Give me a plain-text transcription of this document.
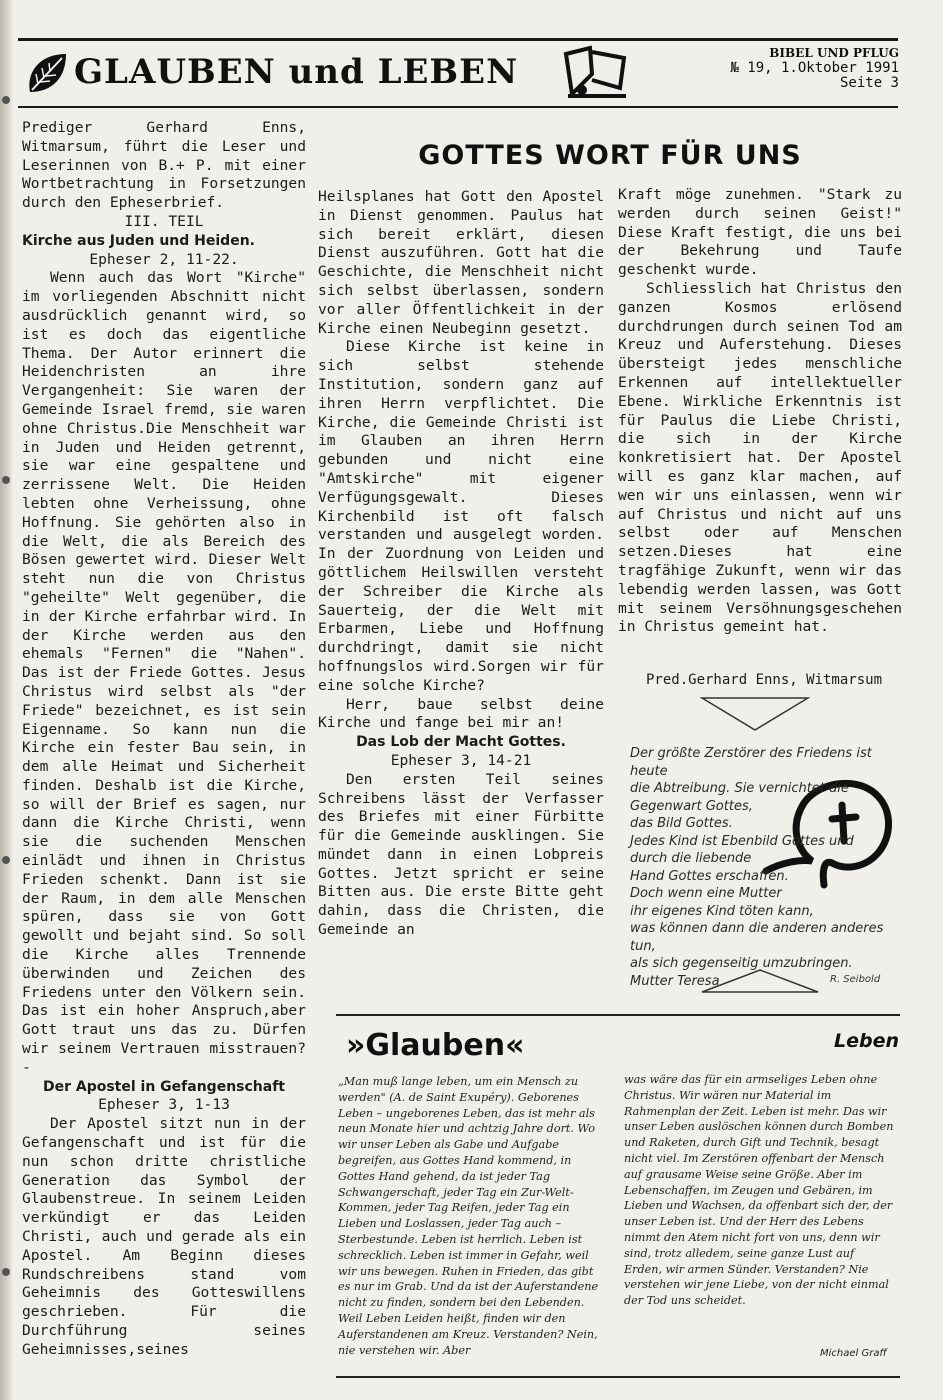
GLAUBEN und LEBEN	BIBEL UND PFLUG
№ 19, 1.Oktober 1991
Seite 3
GOTTES WORT FÜR UNS

Prediger Gerhard Enns, Witmarsum, führt die Leser und Leserinnen von B.+ P. mit einer Wortbetrachtung in Forsetzungen durch den Epheserbrief.

III. TEIL

Kirche aus Juden und Heiden.

Epheser 2, 11-22.

Wenn auch das Wort "Kirche" im vorliegenden Abschnitt nicht ausdrücklich genannt wird, so ist es doch das eigentliche Thema. Der Autor erinnert die Heidenchristen an ihre Vergangenheit: Sie waren der Gemeinde Israel fremd, sie waren ohne Christus.Die Menschheit war in Juden und Heiden getrennt, sie war eine gespaltene und zerrissene Welt. Die Heiden lebten ohne Verheissung, ohne Hoffnung. Sie gehörten also in die Welt, die als Bereich des Bösen gewertet wird. Dieser Welt steht nun die von Christus "geheilte" Welt gegenüber, die in der Kirche erfahrbar wird. In der Kirche werden aus den ehemals "Fernen" die "Nahen". Das ist der Friede Gottes. Jesus Christus wird selbst als "der Friede" bezeichnet, es ist sein Eigenname. So kann nun die Kirche ein fester Bau sein, in dem alle Heimat und Sicherheit finden. Deshalb ist die Kirche, so will der Brief es sagen, nur dann die Kirche Christi, wenn sie die suchenden Menschen einlädt und ihnen in Christus Frieden schenkt. Dann ist sie der Raum, in dem alle Menschen spüren, dass sie von Gott gewollt und bejaht sind. So soll die Kirche alles Trennende überwinden und Zeichen des Friedens unter den Völkern sein. Das ist ein hoher Anspruch,aber Gott traut uns das zu. Dürfen wir seinem Vertrauen misstrauen? -

Der Apostel in Gefangenschaft

Epheser 3, 1-13

Der Apostel sitzt nun in der Gefangenschaft und ist für die nun schon dritte christliche Generation das Symbol der Glaubenstreue. In seinem Leiden verkündigt er das Leiden Christi, auch und gerade als ein Apostel. Am Beginn dieses Rundschreibens stand vom Geheimnis des Gotteswillens geschrieben. Für die Durchführung seines Geheimnisses,seines

Heilsplanes hat Gott den Apostel in Dienst genommen. Paulus hat sich bereit erklärt, diesen Dienst auszuführen. Gott hat die Geschichte, die Menschheit nicht sich selbst überlassen, sondern vor aller Öffentlichkeit in der Kirche einen Neubeginn gesetzt.

Diese Kirche ist keine in sich selbst stehende Institution, sondern ganz auf ihren Herrn verpflichtet. Die Kirche, die Gemeinde Christi ist im Glauben an ihren Herrn gebunden und nicht eine "Amtskirche" mit eigener Verfügungsgewalt. Dieses Kirchenbild ist oft falsch verstanden und ausgelegt worden. In der Zuordnung von Leiden und göttlichem Heilswillen versteht der Schreiber die Kirche als Sauerteig, der die Welt mit Erbarmen, Liebe und Hoffnung durchdringt, damit sie nicht hoffnungslos wird.Sorgen wir für eine solche Kirche?

Herr, baue selbst deine Kirche und fange bei mir an!

Das Lob der Macht Gottes.

Epheser 3, 14-21

Den ersten Teil seines Schreibens lässt der Verfasser des Briefes mit einer Fürbitte für die Gemeinde ausklingen. Sie mündet dann in einen Lobpreis Gottes. Jetzt spricht er seine Bitten aus. Die erste Bitte geht dahin, dass die Christen, die Gemeinde an

Kraft möge zunehmen. "Stark zu werden durch seinen Geist!" Diese Kraft festigt, die uns bei der Bekehrung und Taufe geschenkt wurde.

Schliesslich hat Christus den ganzen Kosmos erlösend durchdrungen durch seinen Tod am Kreuz und Auferstehung. Dieses übersteigt jedes menschliche Erkennen auf intellektueller Ebene. Wirkliche Erkenntnis ist für Paulus die Liebe Christi, die sich in der Kirche konkretisiert hat. Der Apostel will es ganz klar machen, auf wen wir uns einlassen, wenn wir auf Christus und nicht auf uns selbst oder auf Menschen setzen.Dieses hat eine tragfähige Zukunft, wenn wir das lebendig werden lassen, was Gott mit seinem Versöhnungsgeschehen in Christus gemeint hat.

Pred.Gerhard Enns, Witmarsum
Der größte Zerstörer des Friedens ist heute
die Abtreibung. Sie vernichtet die
Gegenwart Gottes,
das Bild Gottes.
Jedes Kind ist Ebenbild Gottes und
durch die liebende
Hand Gottes erschaffen.
Doch wenn eine Mutter
ihr eigenes Kind töten kann,
was können dann die anderen anderes tun,
als sich gegenseitig umzubringen.
Mutter Teresa	R. Seibold
»Glauben«	Leben
„Man muß lange leben, um ein Mensch zu werden" (A. de Saint Exupéry). Geborenes Leben – ungeborenes Leben, das ist mehr als neun Monate hier und achtzig Jahre dort. Wo wir unser Leben als Gabe und Aufgabe begreifen, aus Gottes Hand kommend, in Gottes Hand gehend, da ist jeder Tag Schwangerschaft, jeder Tag ein Zur-Welt-Kommen, jeder Tag Reifen, jeder Tag ein Lieben und Loslassen, jeder Tag auch – Sterbestunde. Leben ist herrlich. Leben ist schrecklich. Leben ist immer in Gefahr, weil wir uns bewegen. Ruhen in Frieden, das gibt es nur im Grab. Und da ist der Auferstandene nicht zu finden, sondern bei den Lebenden. Weil Leben Leiden heißt, finden wir den Auferstandenen am Kreuz. Verstanden? Nein, nie verstehen wir. Aber
was wäre das für ein armseliges Leben ohne Christus. Wir wären nur Material im Rahmenplan der Zeit. Leben ist mehr. Das wir unser Leben auslöschen können durch Bomben und Raketen, durch Gift und Technik, besagt nicht viel. Im Zerstören offenbart der Mensch auf grausame Weise seine Größe. Aber im Lebenschaffen, im Zeugen und Gebären, im Lieben und Wachsen, da offenbart sich der, der unser Leben ist. Und der Herr des Lebens nimmt den Atem nicht fort von uns, denn wir sind, trotz alledem, seine ganze Lust auf Erden, wir armen Sünder. Verstanden? Nie verstehen wir jene Liebe, von der nicht einmal der Tod uns scheidet.
Michael Graff
